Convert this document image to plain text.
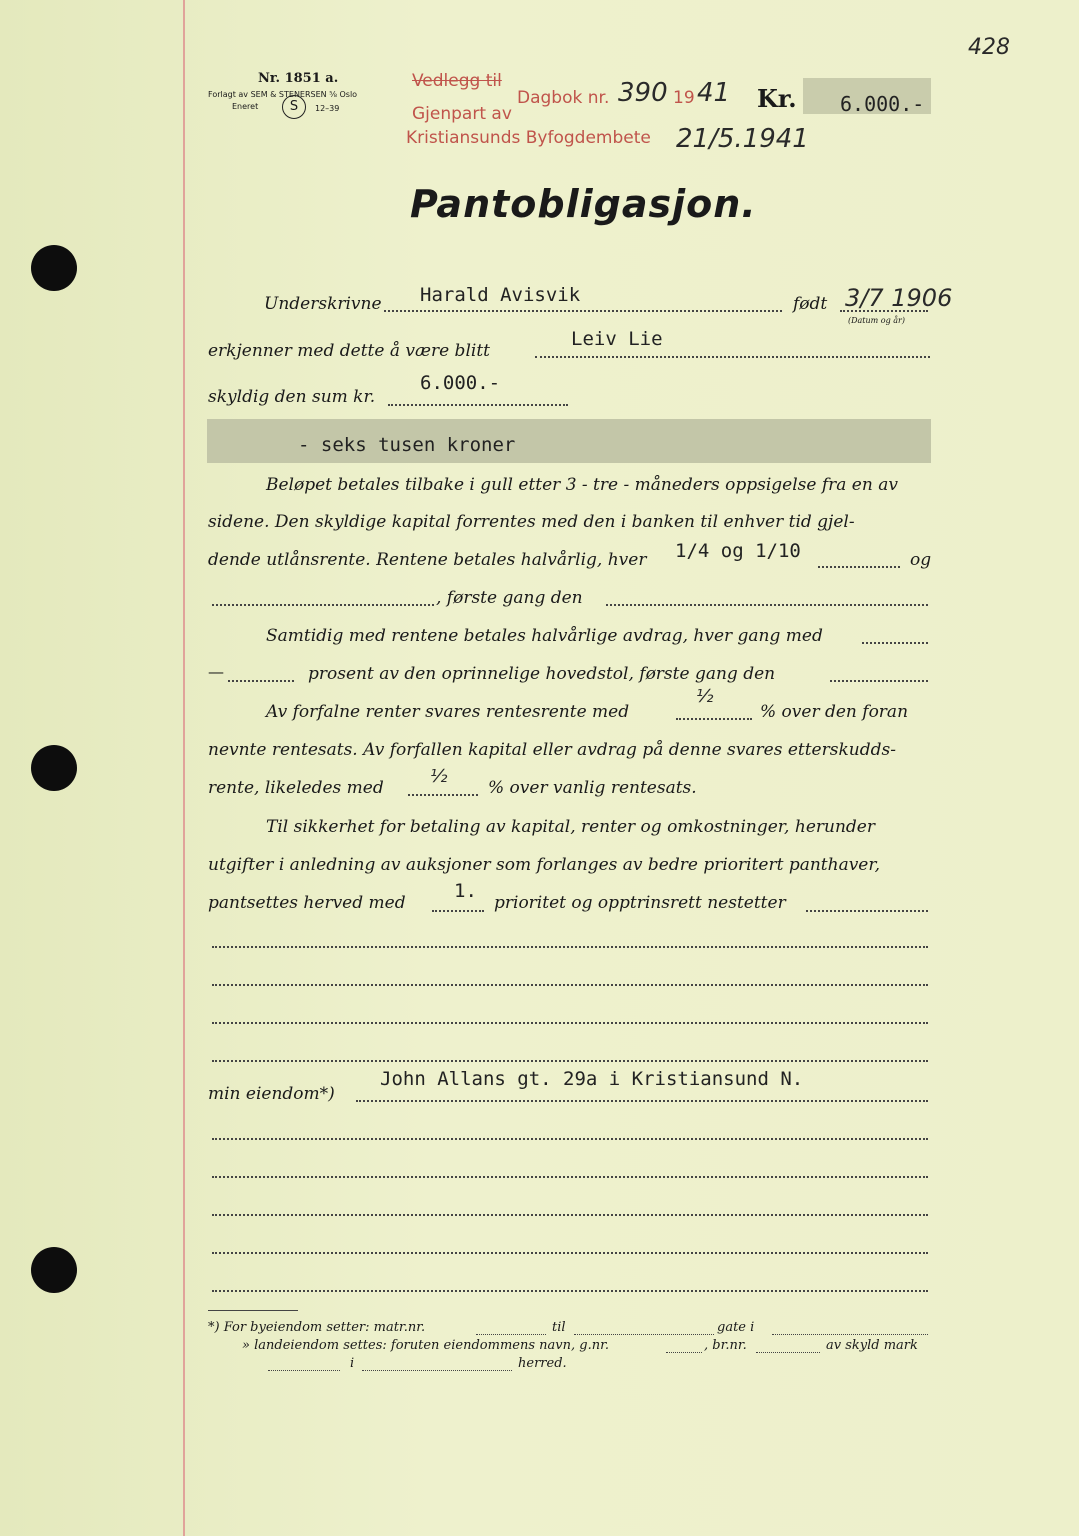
428
Nr. 1851 a.
Forlagt av SEM & STENERSEN ⅝ Oslo
Eneret	S	12–39
Vedlegg til
Dagbok nr. 390 19 41 Kr. 6.000.-
Gjenpart av
Kristiansunds Byfogdembete 21/5.1941
Pantobligasjon.
Underskrivne Harald Avisvik	født 3/7 1906
(Datum og år)
erkjenner med dette å være blitt
Leiv Lie
skyldig den sum kr.
6.000.-
- seks tusen kroner
Beløpet betales tilbake i gull etter 3 - tre - måneders oppsigelse fra en av
sidene. Den skyldige kapital forrentes med den i banken til enhver tid gjel-
dende utlånsrente. Rentene betales halvårlig, hver 1/4 og 1/10	og
, første gang den
Samtidig med rentene betales halvårlige avdrag, hver gang med
—	prosent av den oprinnelige hovedstol, første gang den
Av forfalne renter svares rentesrente med
½
% over den foran
nevnte rentesats. Av forfallen kapital eller avdrag på denne svares etterskudds-
rente, likeledes med
½
% over vanlig rentesats.
Til sikkerhet for betaling av kapital, renter og omkostninger, herunder
utgifter i anledning av auksjoner som forlanges av bedre prioritert panthaver,
pantsettes herved med
1.
prioritet og opptrinsrett nestetter
min eiendom*)
John Allans gt. 29a i Kristiansund N.
*) For byeiendom setter: matr.nr.	til	gate i
» landeiendom settes: foruten eiendommens navn, g.nr.	, br.nr.	av skyld mark
i	herred.
